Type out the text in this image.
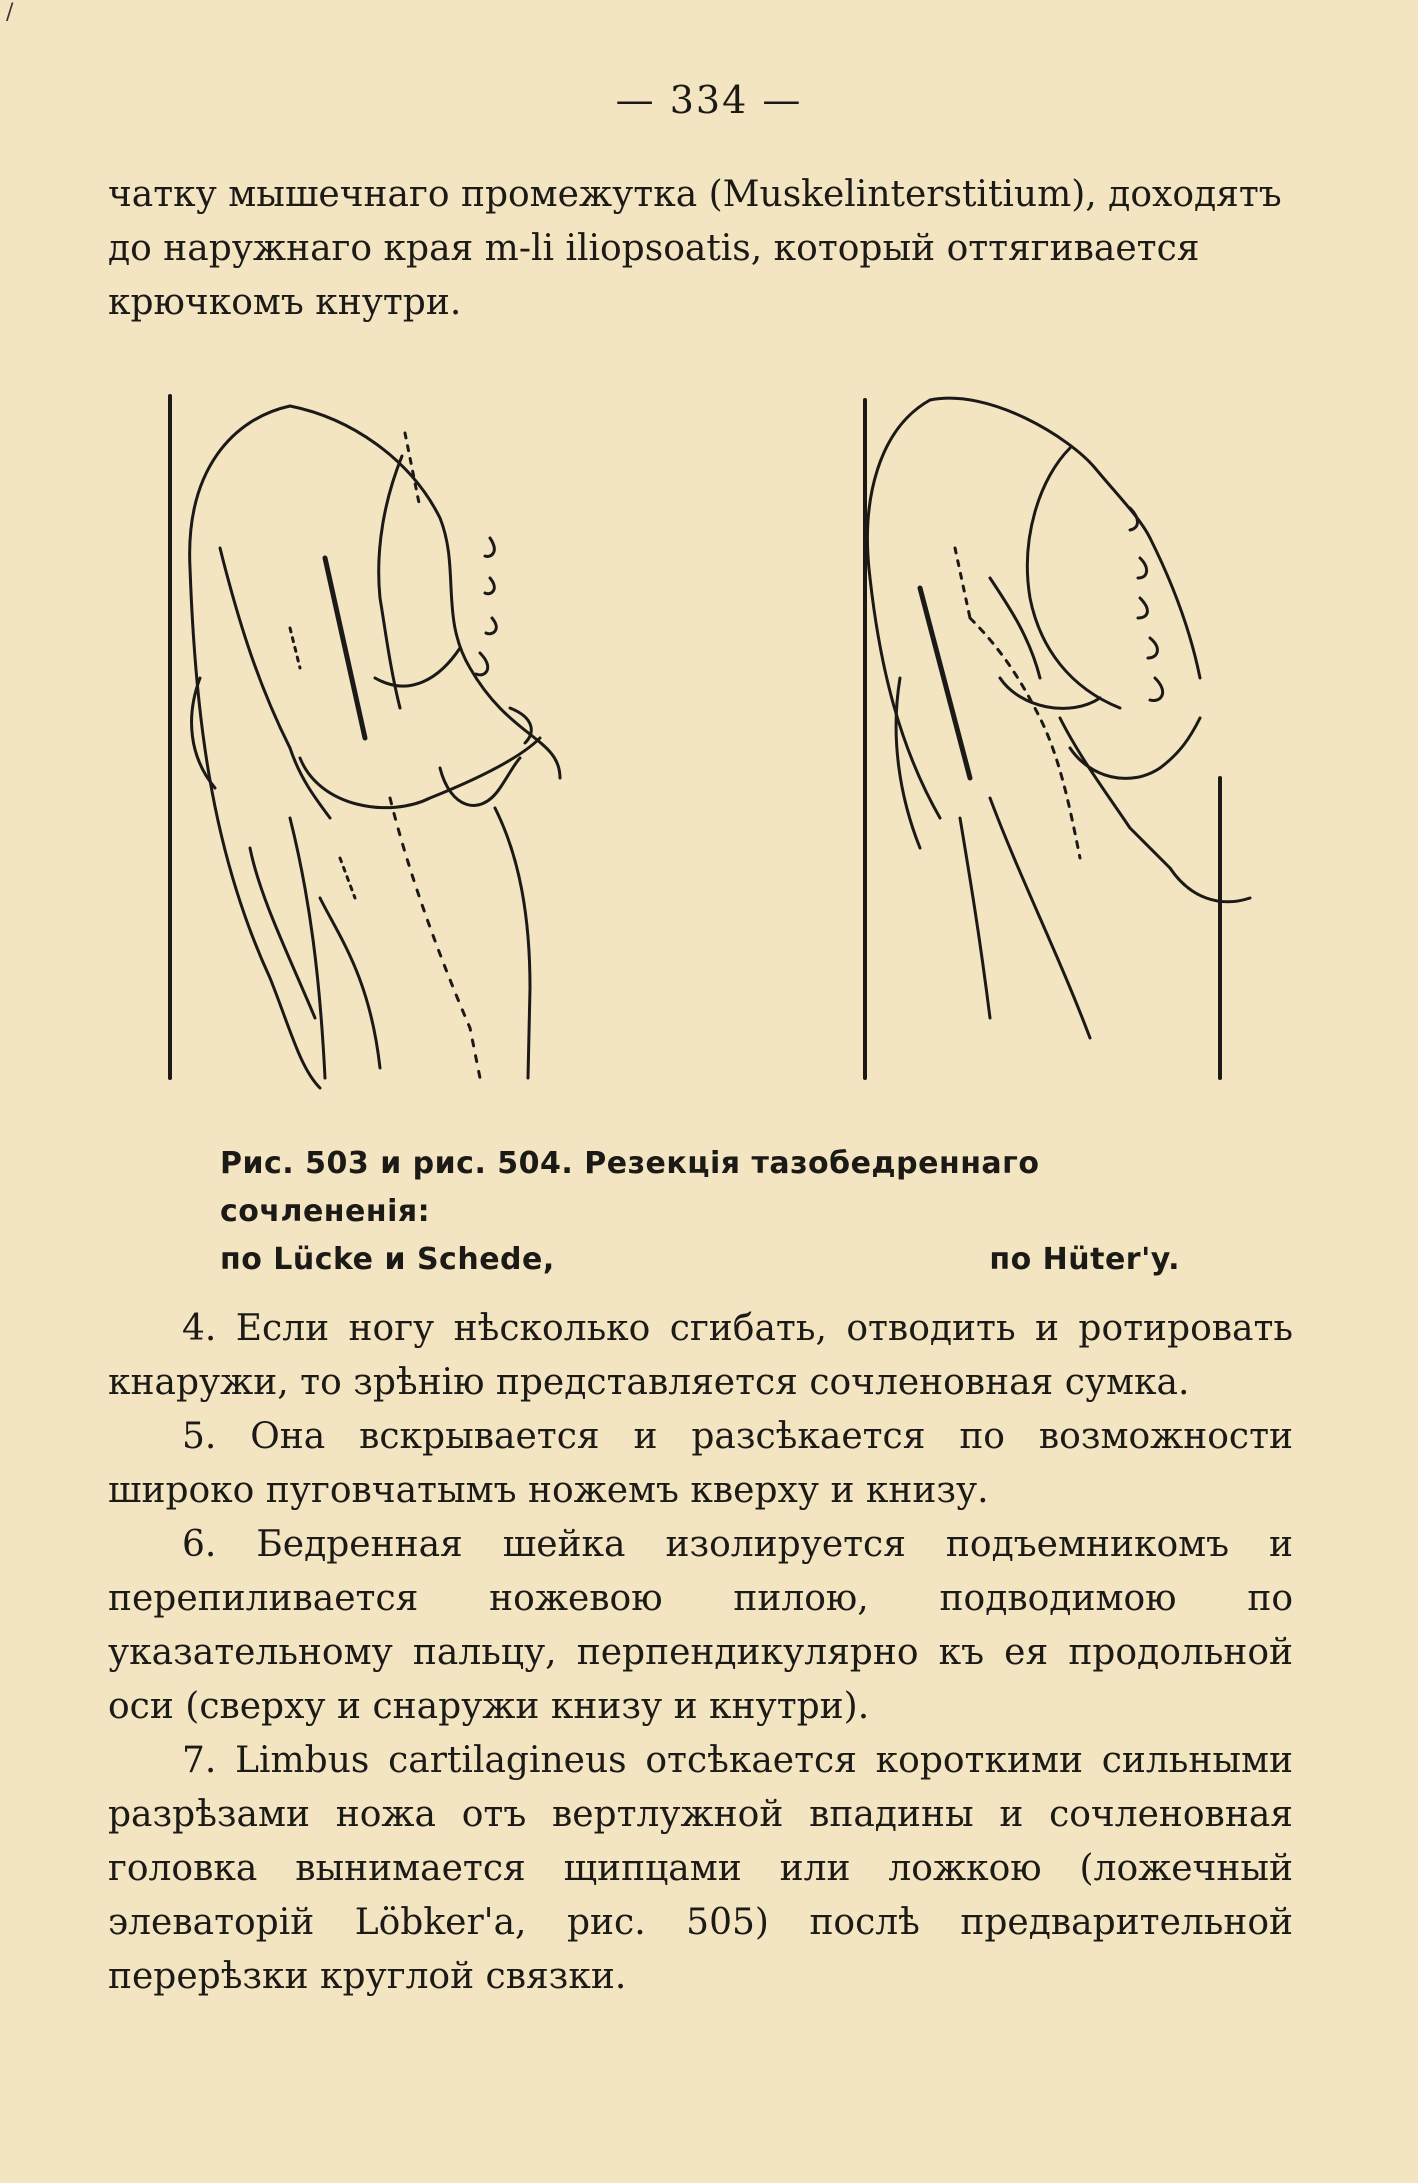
/
— 334 —

чатку мышечнаго промежутка (Muskelinterstitium), доходятъ до наружнаго края m-li iliopsoatis, который оттягивается крючкомъ кнутри.

Рис. 503 и рис. 504. Резекція тазобедреннаго сочлененія:
по Lücke и Schede,	по Hüter'y.

4. Если ногу нѣсколько сгибать, отводить и ротировать кнаружи, то зрѣнію представляется сочленовная сумка.

5. Она вскрывается и разсѣкается по возможности широко пуговчатымъ ножемъ кверху и книзу.

6. Бедренная шейка изолируется подъемникомъ и перепиливается ножевою пилою, подводимою по указательному пальцу, перпендикулярно къ ея продольной оси (сверху и снаружи книзу и кнутри).

7. Limbus cartilagineus отсѣкается короткими сильными разрѣзами ножа отъ вертлужной впадины и сочленовная головка вынимается щипцами или ложкою (ложечный элеваторій Löbker'а, рис. 505) послѣ предварительной перерѣзки круглой связки.
